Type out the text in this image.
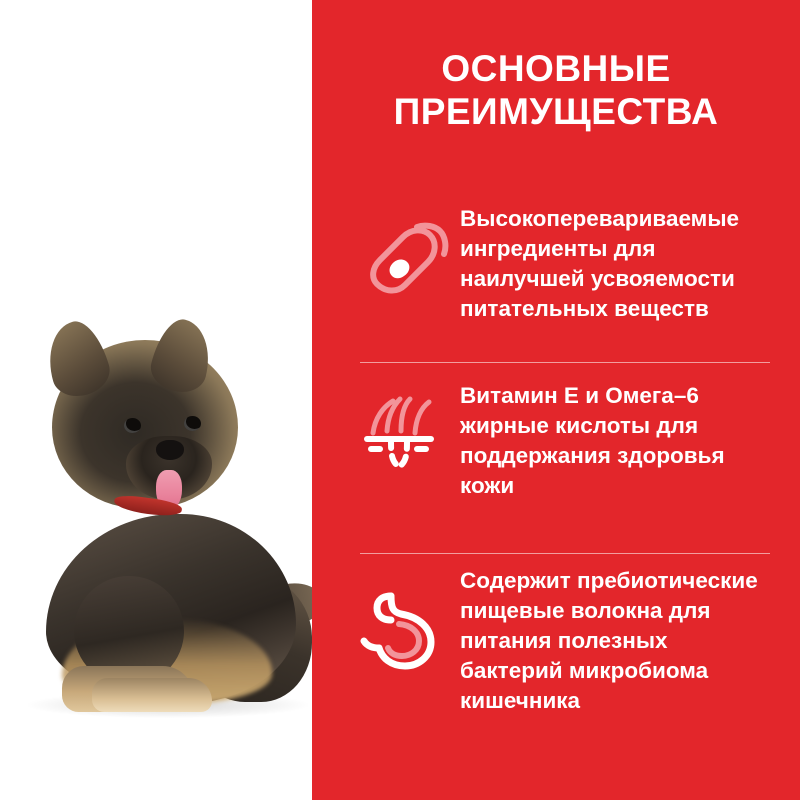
ОСНОВНЫЕ
ПРЕИМУЩЕСТВА
Высокоперевариваемые ингредиенты для наилучшей усвояемости питательных веществ
Витамин Е и Омега–6 жирные кислоты для поддержания здоровья кожи
Содержит пребиотические пищевые волокна для питания полезных бактерий микробиома кишечника
